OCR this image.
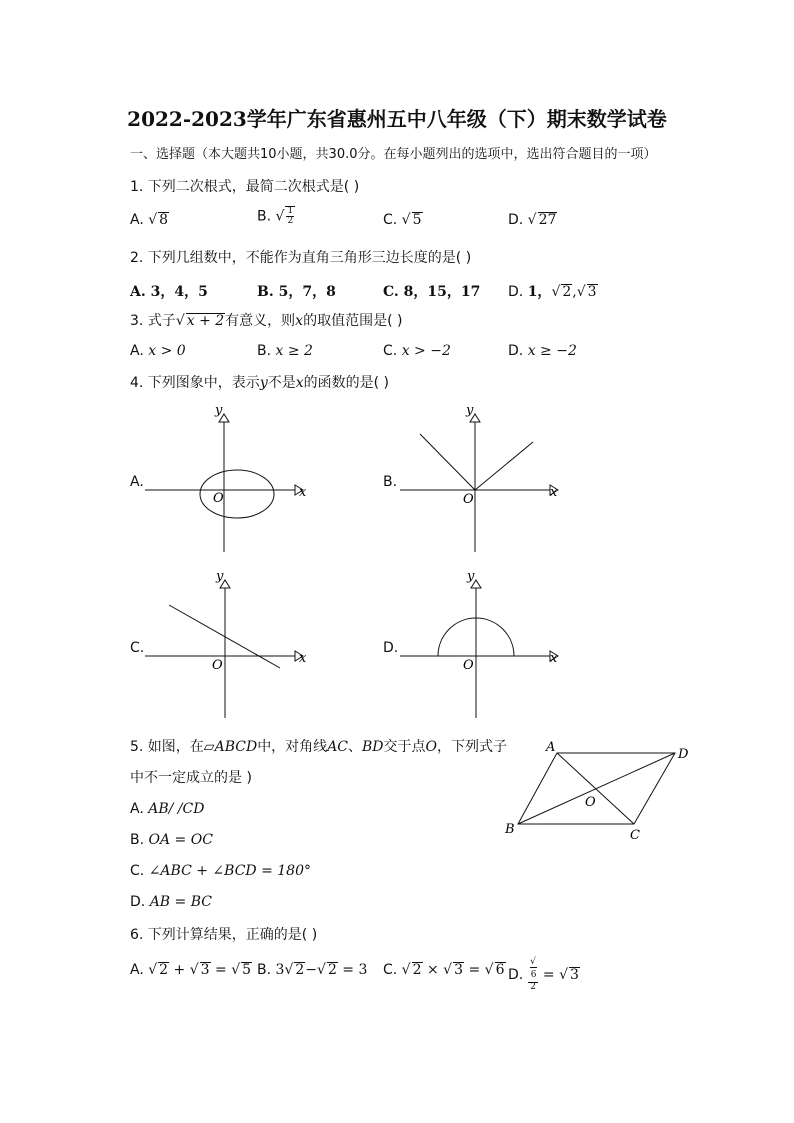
2022-2023学年广东省惠州五中八年级（下）期末数学试卷
一、选择题（本大题共10小题，共30.0分。在每小题列出的选项中，选出符合题目的一项）
1. 下列二次根式，最简二次根式是( )
A. √ 8	B. √ $\frac{1}{2}$	C. √ 5	D. √ 27
2. 下列几组数中，不能作为直角三角形三边长度的是( )
A. 3，4，5	B. 5，7，8	C. 8，15，17 D. 1，√ 2,√ 3
3. 式子√ x + 2有意义，则x的取值范围是( )
A. x > 0	B. x ≥ 2	C. x > −2	D. x ≥ −2
4. 下列图象中，表示y不是x的函数的是( )
A.	B.
C.	D.
x
y
O	x
y
O
x
y
O	x
y
O
5. 如图，在▱ABCD中，对角线AC、BD交于点O，下列式子
中不一定成立的是 )
A. AB/ /CD
B. OA = OC
C. ∠ABC + ∠BCD = 180°
D. AB = BC
A	D
B	C
O
6. 下列计算结果，正确的是( )
A. √ 2 + √ 3 = √ 5 B. 3√ 2−√ 2 = 3 C. √ 2 × √ 3 = √ 6 D. √
6
2 = √ 3
